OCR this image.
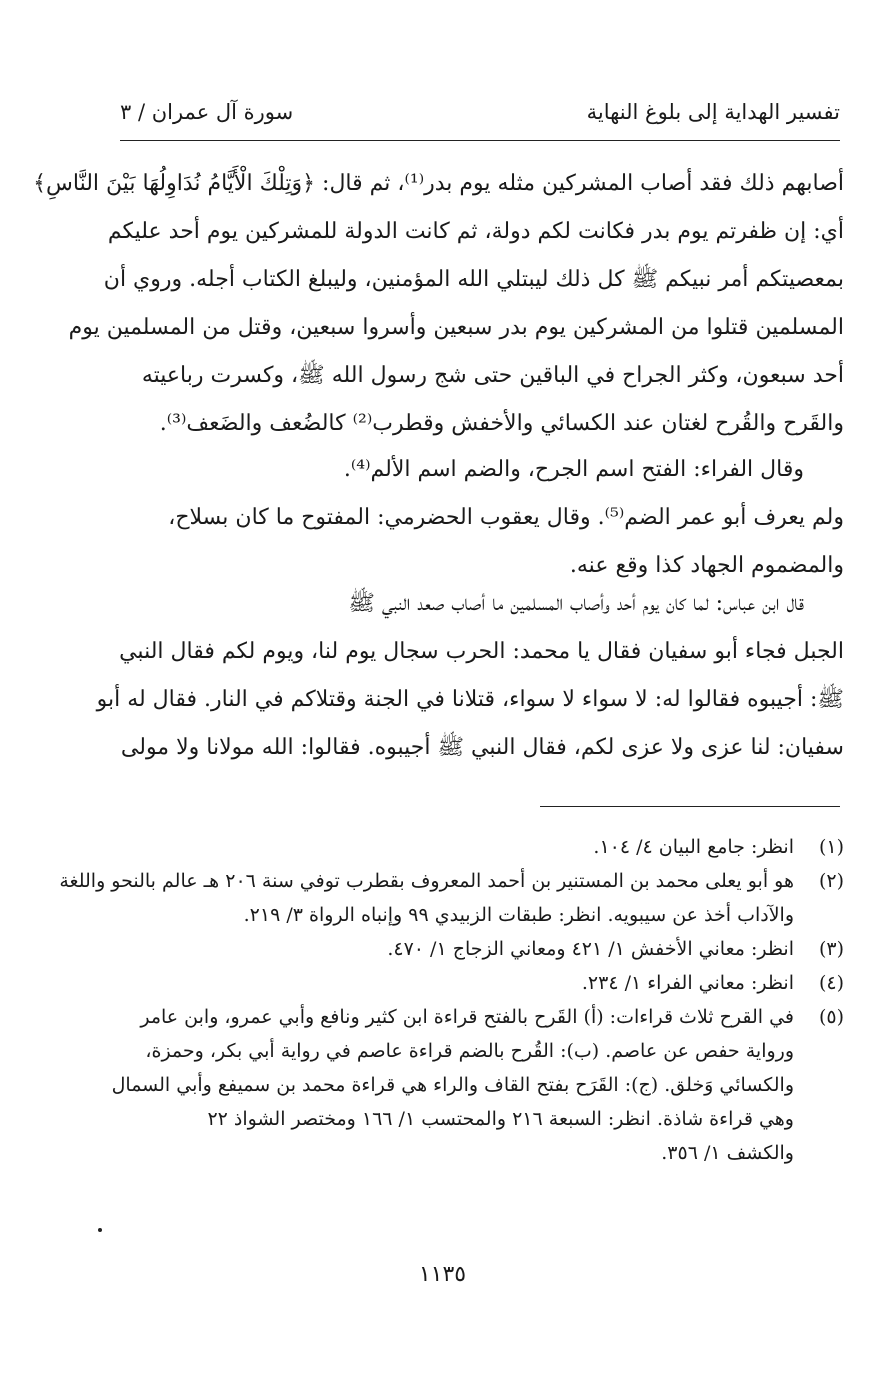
تفسير الهداية إلى بلوغ النهاية
سورة آل عمران / ٣
أصابهم ذلك فقد أصاب المشركين مثله يوم بدر⁽¹⁾، ثم قال: ﴿وَتِلْكَ الْأَيَّامُ نُدَاوِلُهَا بَيْنَ النَّاسِ﴾
أي: إن ظفرتم يوم بدر فكانت لكم دولة، ثم كانت الدولة للمشركين يوم أحد عليكم
بمعصيتكم أمر نبيكم ﷺ كل ذلك ليبتلي الله المؤمنين، وليبلغ الكتاب أجله. وروي أن
المسلمين قتلوا من المشركين يوم بدر سبعين وأسروا سبعين، وقتل من المسلمين يوم
أحد سبعون، وكثر الجراح في الباقين حتى شج رسول الله ﷺ، وكسرت رباعيته
والقَرح والقُرح لغتان عند الكسائي والأخفش وقطرب⁽²⁾ كالضُعف والضَعف⁽³⁾.
وقال الفراء: الفتح اسم الجرح، والضم اسم الألم⁽⁴⁾.
ولم يعرف أبو عمر الضم⁽⁵⁾. وقال يعقوب الحضرمي: المفتوح ما كان بسلاح،
والمضموم الجهاد كذا وقع عنه.
قال ابن عباس: لما كان يوم أحد وأصاب المسلمين ما أصاب صعد النبي ﷺ
الجبل فجاء أبو سفيان فقال يا محمد: الحرب سجال يوم لنا، ويوم لكم فقال النبي
ﷺ: أجيبوه فقالوا له: لا سواء لا سواء، قتلانا في الجنة وقتلاكم في النار. فقال له أبو
سفيان: لنا عزى ولا عزى لكم، فقال النبي ﷺ أجيبوه. فقالوا: الله مولانا ولا مولى
(١)انظر: جامع البيان ٤/ ١٠٤.
(٢)هو أبو يعلى محمد بن المستنير بن أحمد المعروف بقطرب توفي سنة ٢٠٦ هـ عالم بالنحو واللغة
والآداب أخذ عن سيبويه. انظر: طبقات الزبيدي ٩٩ وإنباه الرواة ٣/ ٢١٩.
(٣)انظر: معاني الأخفش ١/ ٤٢١ ومعاني الزجاج ١/ ٤٧٠.
(٤)انظر: معاني الفراء ١/ ٢٣٤.
(٥)في القرح ثلاث قراءات: (أ) القَرح بالفتح قراءة ابن كثير ونافع وأبي عمرو، وابن عامر
ورواية حفص عن عاصم. (ب): القُرح بالضم قراءة عاصم في رواية أبي بكر، وحمزة،
والكسائي وَخلق. (ج): القَرَح بفتح القاف والراء هي قراءة محمد بن سميفع وأبي السمال
وهي قراءة شاذة. انظر: السبعة ٢١٦ والمحتسب ١/ ١٦٦ ومختصر الشواذ ٢٢
والكشف ١/ ٣٥٦.
١١٣٥
